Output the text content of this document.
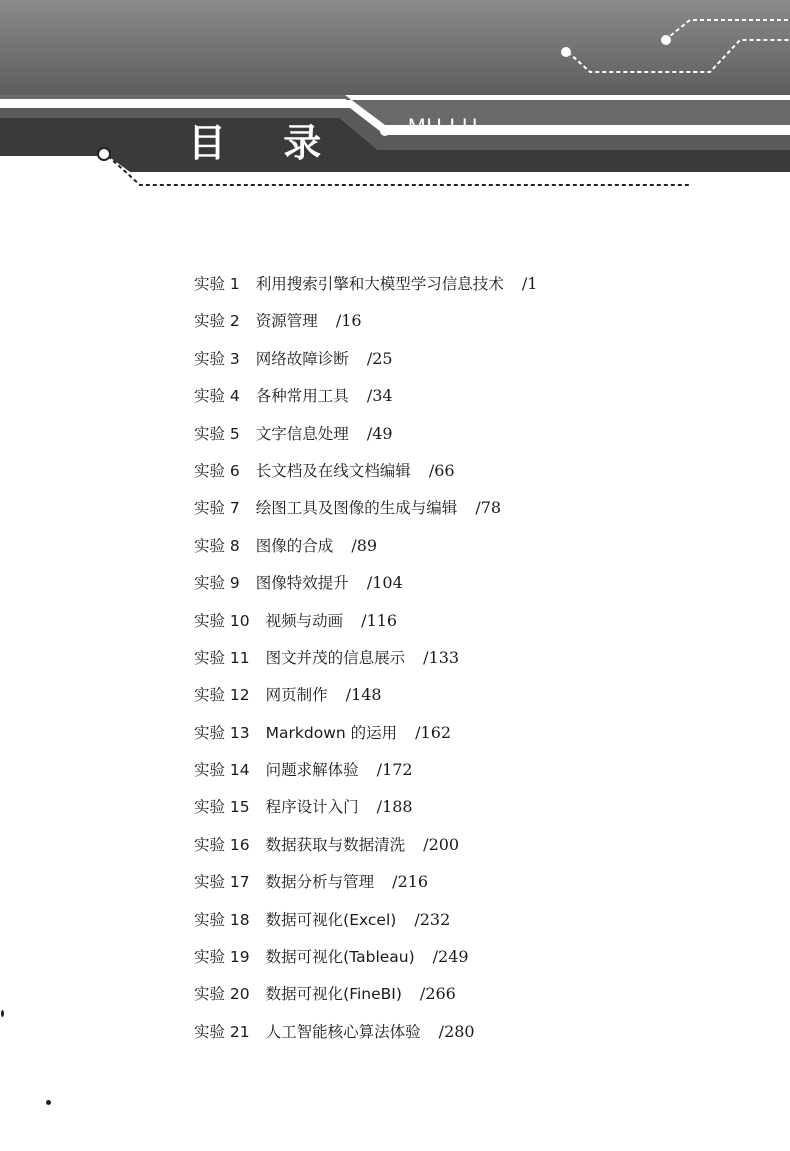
目 录	MU LU
实验 1 利用搜索引擎和大模型学习信息技术 /1
实验 2 资源管理 /16
实验 3 网络故障诊断 /25
实验 4 各种常用工具 /34
实验 5 文字信息处理 /49
实验 6 长文档及在线文档编辑 /66
实验 7 绘图工具及图像的生成与编辑 /78
实验 8 图像的合成 /89
实验 9 图像特效提升 /104
实验 10 视频与动画 /116
实验 11 图文并茂的信息展示 /133
实验 12 网页制作 /148
实验 13 Markdown 的运用 /162
实验 14 问题求解体验 /172
实验 15 程序设计入门 /188
实验 16 数据获取与数据清洗 /200
实验 17 数据分析与管理 /216
实验 18 数据可视化(Excel) /232
实验 19 数据可视化(Tableau) /249
实验 20 数据可视化(FineBI) /266
实验 21 人工智能核心算法体验 /280
